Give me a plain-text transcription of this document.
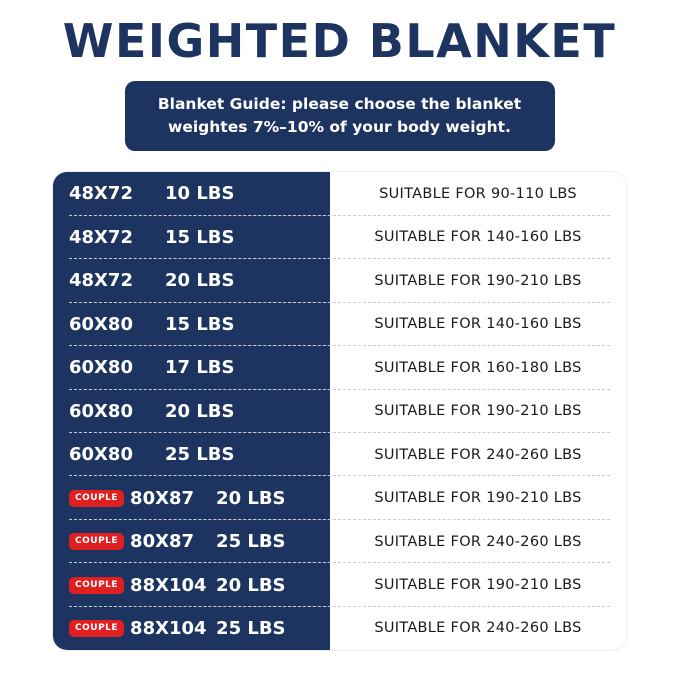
WEIGHTED BLANKET
Blanket Guide: please choose the blanket weightes 7%–10% of your body weight.
48X72	10 LBS	SUITABLE FOR 90-110 LBS
48X72	15 LBS	SUITABLE FOR 140-160 LBS
48X72	20 LBS	SUITABLE FOR 190-210 LBS
60X80	15 LBS	SUITABLE FOR 140-160 LBS
60X80	17 LBS	SUITABLE FOR 160-180 LBS
60X80	20 LBS	SUITABLE FOR 190-210 LBS
60X80	25 LBS	SUITABLE FOR 240-260 LBS
COUPLE 80X87	20 LBS	SUITABLE FOR 190-210 LBS
COUPLE 80X87	25 LBS	SUITABLE FOR 240-260 LBS
COUPLE 88X104 20 LBS	SUITABLE FOR 190-210 LBS
COUPLE 88X104 25 LBS	SUITABLE FOR 240-260 LBS
